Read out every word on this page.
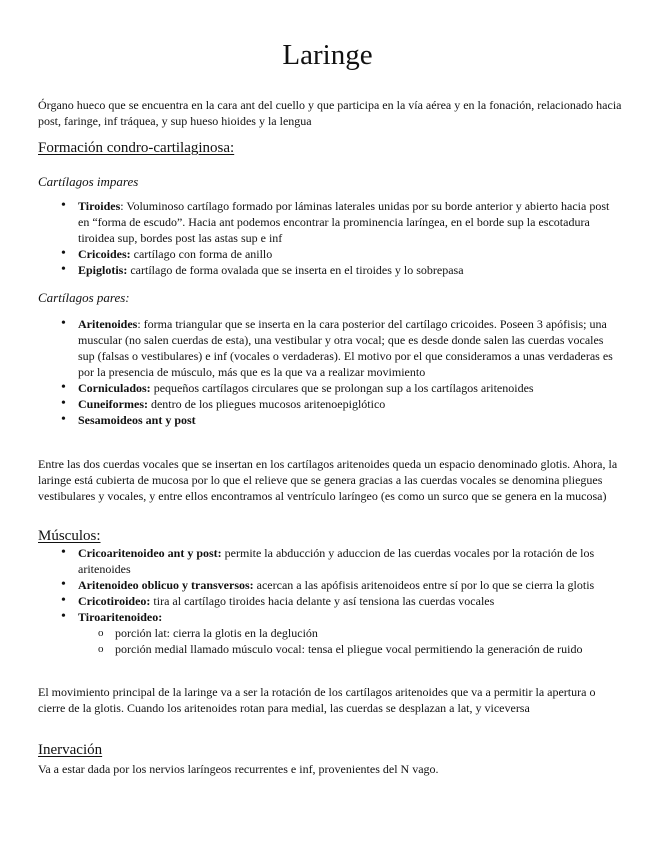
Laringe
Órgano hueco que se encuentra en la cara ant del cuello y que participa en la vía aérea y en la fonación, relacionado hacia post, faringe, inf tráquea, y sup hueso hioides y la lengua
Formación condro-cartilaginosa:
Cartílagos impares
• Tiroides: Voluminoso cartílago formado por láminas laterales unidas por su borde anterior y abierto hacia post en “forma de escudo”. Hacia ant podemos encontrar la prominencia laríngea, en el borde sup la escotadura tiroidea sup, bordes post las astas sup e inf
• Cricoides: cartílago con forma de anillo
• Epiglotis: cartílago de forma ovalada que se inserta en el tiroides y lo sobrepasa
Cartílagos pares:
• Aritenoides: forma triangular que se inserta en la cara posterior del cartílago cricoides. Poseen 3 apófisis; una muscular (no salen cuerdas de esta), una vestibular y otra vocal; que es desde donde salen las cuerdas vocales sup (falsas o vestibulares) e inf (vocales o verdaderas). El motivo por el que consideramos a unas verdaderas es por la presencia de músculo, más que es la que va a realizar movimiento
• Corniculados: pequeños cartílagos circulares que se prolongan sup a los cartílagos aritenoides
• Cuneiformes: dentro de los pliegues mucosos aritenoepiglótico
• Sesamoideos ant y post
Entre las dos cuerdas vocales que se insertan en los cartílagos aritenoides queda un espacio denominado glotis. Ahora, la laringe está cubierta de mucosa por lo que el relieve que se genera gracias a las cuerdas vocales se denomina pliegues vestibulares y vocales, y entre ellos encontramos al ventrículo laríngeo (es como un surco que se genera en la mucosa)
Músculos:
• Cricoaritenoideo ant y post: permite la abducción y aduccion de las cuerdas vocales por la rotación de los aritenoides
• Aritenoideo oblicuo y transversos: acercan a las apófisis aritenoideos entre sí por lo que se cierra la glotis
• Cricotiroideo: tira al cartílago tiroides hacia delante y así tensiona las cuerdas vocales
• Tiroaritenoideo:
o porción lat: cierra la glotis en la deglución
o porción medial llamado músculo vocal: tensa el pliegue vocal permitiendo la generación de ruido
El movimiento principal de la laringe va a ser la rotación de los cartílagos aritenoides que va a permitir la apertura o cierre de la glotis. Cuando los aritenoides rotan para medial, las cuerdas se desplazan a lat, y viceversa
Inervación
Va a estar dada por los nervios laríngeos recurrentes e inf, provenientes del N vago.
